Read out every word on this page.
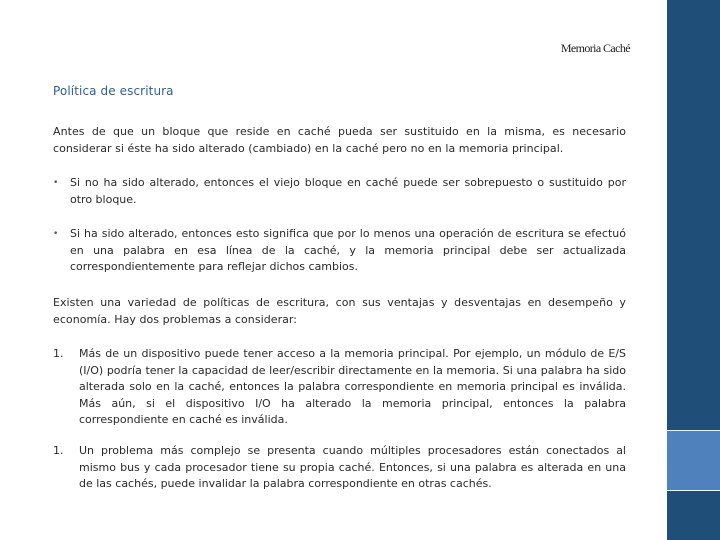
Memoria Caché
Política de escritura
Antes de que un bloque que reside en caché pueda ser sustituido en la misma, es necesario considerar si éste ha sido alterado (cambiado) en la caché pero no en la memoria principal.
• Si no ha sido alterado, entonces el viejo bloque en caché puede ser sobrepuesto o sustituido por otro bloque.
• Si ha sido alterado, entonces esto significa que por lo menos una operación de escritura se efectuó en una palabra en esa línea de la caché, y la memoria principal debe ser actualizada correspondientemente para reflejar dichos cambios.
Existen una variedad de políticas de escritura, con sus ventajas y desventajas en desempeño y economía. Hay dos problemas a considerar:
1. Más de un dispositivo puede tener acceso a la memoria principal. Por ejemplo, un módulo de E/S (I/O) podría tener la capacidad de leer/escribir directamente en la memoria. Si una palabra ha sido alterada solo en la caché, entonces la palabra correspondiente en memoria principal es inválida. Más aún, si el dispositivo I/O ha alterado la memoria principal, entonces la palabra correspondiente en caché es inválida.
1. Un problema más complejo se presenta cuando múltiples procesadores están conectados al mismo bus y cada procesador tiene su propia caché. Entonces, si una palabra es alterada en una de las cachés, puede invalidar la palabra correspondiente en otras cachés.
